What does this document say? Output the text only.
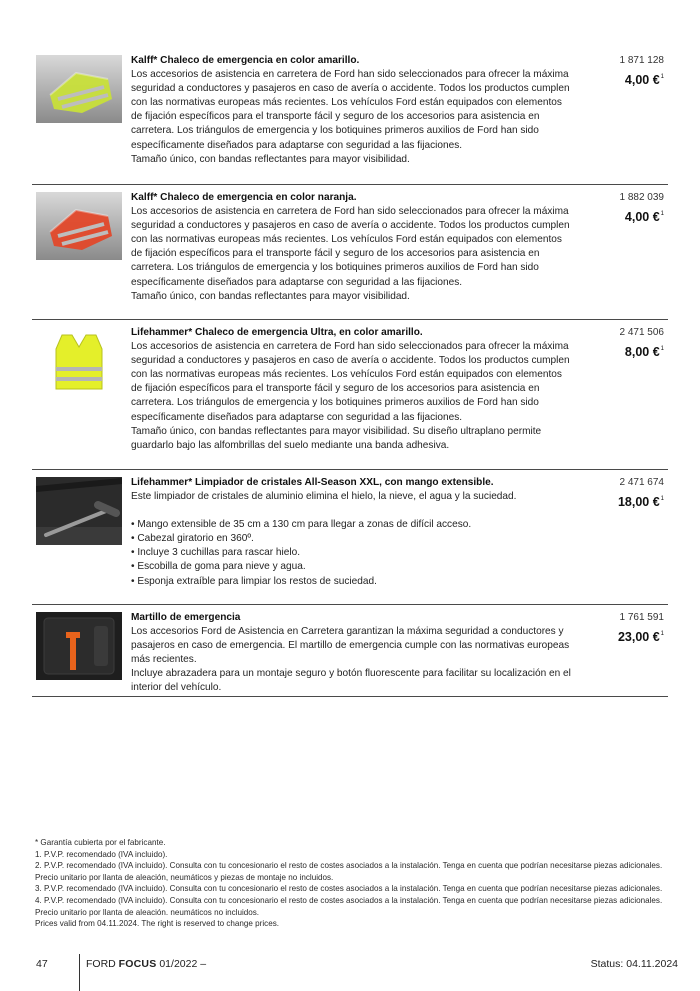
Kalff* Chaleco de emergencia en color amarillo.
Los accesorios de asistencia en carretera de Ford han sido seleccionados para ofrecer la máxima seguridad a conductores y pasajeros en caso de avería o accidente. Todos los productos cumplen con las normativas europeas más recientes. Los vehículos Ford están equipados con elementos de fijación específicos para el transporte fácil y seguro de los accesorios para asistencia en carretera. Los triángulos de emergencia y los botiquines primeros auxilios de Ford han sido específicamente diseñados para adaptarse con seguridad a las fijaciones.
Tamaño único, con bandas reflectantes para mayor visibilidad.
1 871 128
4,00 €$^1$
Kalff* Chaleco de emergencia en color naranja.
Los accesorios de asistencia en carretera de Ford han sido seleccionados para ofrecer la máxima seguridad a conductores y pasajeros en caso de avería o accidente. Todos los productos cumplen con las normativas europeas más recientes. Los vehículos Ford están equipados con elementos de fijación específicos para el transporte fácil y seguro de los accesorios para asistencia en carretera. Los triángulos de emergencia y los botiquines primeros auxilios de Ford han sido específicamente diseñados para adaptarse con seguridad a las fijaciones.
Tamaño único, con bandas reflectantes para mayor visibilidad.
1 882 039
4,00 €$^1$
Lifehammer* Chaleco de emergencia Ultra, en color amarillo.
Los accesorios de asistencia en carretera de Ford han sido seleccionados para ofrecer la máxima seguridad a conductores y pasajeros en caso de avería o accidente. Todos los productos cumplen con las normativas europeas más recientes. Los vehículos Ford están equipados con elementos de fijación específicos para el transporte fácil y seguro de los accesorios para asistencia en carretera. Los triángulos de emergencia y los botiquines primeros auxilios de Ford han sido específicamente diseñados para adaptarse con seguridad a las fijaciones.
Tamaño único, con bandas reflectantes para mayor visibilidad. Su diseño ultraplano permite guardarlo bajo las alfombrillas del suelo mediante una banda adhesiva.
2 471 506
8,00 €$^1$
Lifehammer* Limpiador de cristales All-Season XXL, con mango extensible.
Este limpiador de cristales de aluminio elimina el hielo, la nieve, el agua y la suciedad.
• Mango extensible de 35 cm a 130 cm para llegar a zonas de difícil acceso.
• Cabezal giratorio en 360º.
• Incluye 3 cuchillas para rascar hielo.
• Escobilla de goma para nieve y agua.
• Esponja extraíble para limpiar los restos de suciedad.
2 471 674
18,00 €$^1$
Martillo de emergencia
Los accesorios Ford de Asistencia en Carretera garantizan la máxima seguridad a conductores y pasajeros en caso de emergencia. El martillo de emergencia cumple con las normativas europeas más recientes.
Incluye abrazadera para un montaje seguro y botón fluorescente para facilitar su localización en el interior del vehículo.
1 761 591
23,00 €$^1$

* Garantía cubierta por el fabricante.

1. P.V.P. recomendado (IVA incluido).

2. P.V.P. recomendado (IVA incluido). Consulta con tu concesionario el resto de costes asociados a la instalación. Tenga en cuenta que podrían necesitarse piezas adicionales. Precio unitario por llanta de aleación, neumáticos y piezas de montaje no incluidos.

3. P.V.P. recomendado (IVA incluido). Consulta con tu concesionario el resto de costes asociados a la instalación. Tenga en cuenta que podrían necesitarse piezas adicionales.

4. P.V.P. recomendado (IVA incluido). Consulta con tu concesionario el resto de costes asociados a la instalación. Tenga en cuenta que podrían necesitarse piezas adicionales. Precio unitario por llanta de aleación. neumáticos no incluidos.

Prices valid from 04.11.2024. The right is reserved to change prices.

47	FORD FOCUS 01/2022 –	Status: 04.11.2024
